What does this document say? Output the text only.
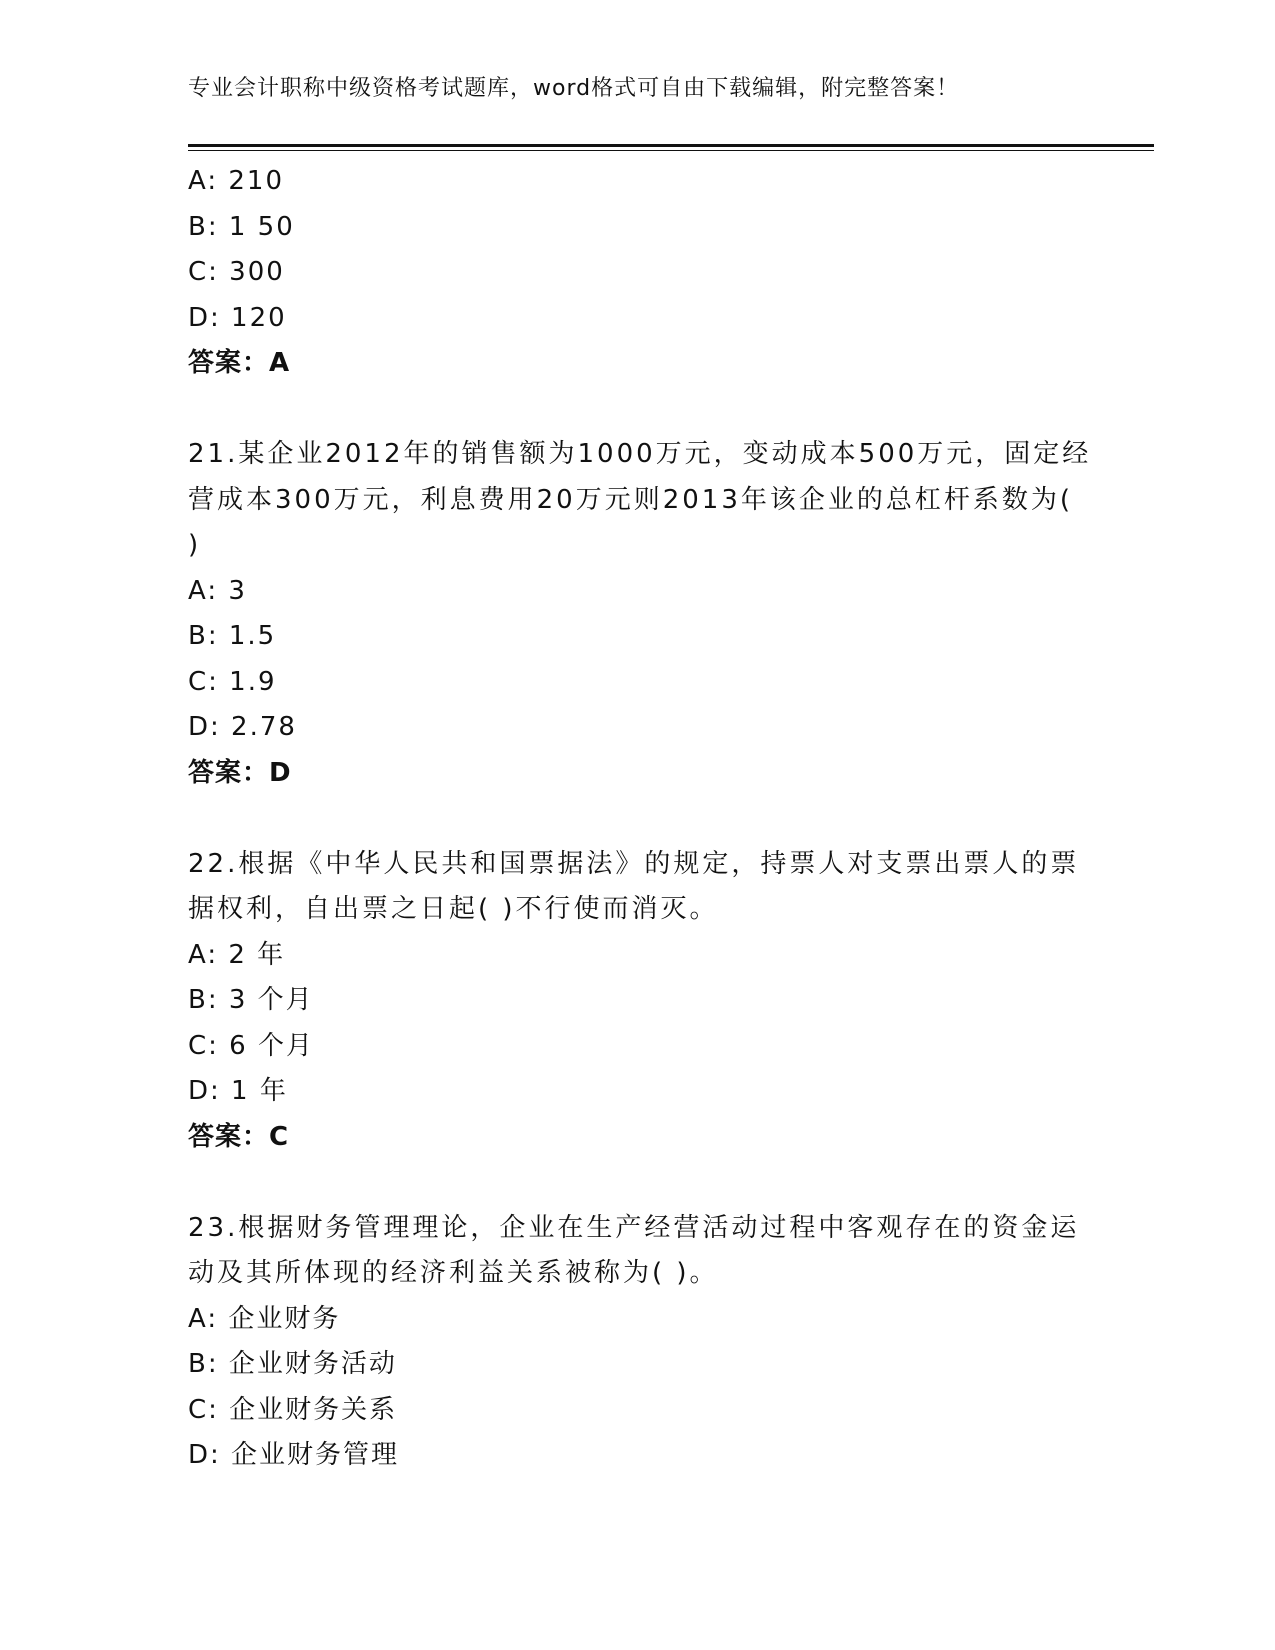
专业会计职称中级资格考试题库，word格式可自由下载编辑，附完整答案！
A: 210
B: 1 50
C: 300
D: 120
答案：A
21.某企业2012年的销售额为1000万元，变动成本500万元，固定经
营成本300万元，利息费用20万元则2013年该企业的总杠杆系数为(
)
A: 3
B: 1.5
C: 1.9
D: 2.78
答案：D
22.根据《中华人民共和国票据法》的规定，持票人对支票出票人的票
据权利，自出票之日起( )不行使而消灭。
A: 2 年
B: 3 个月
C: 6 个月
D: 1 年
答案：C
23.根据财务管理理论，企业在生产经营活动过程中客观存在的资金运
动及其所体现的经济利益关系被称为( )。
A: 企业财务
B: 企业财务活动
C: 企业财务关系
D: 企业财务管理
